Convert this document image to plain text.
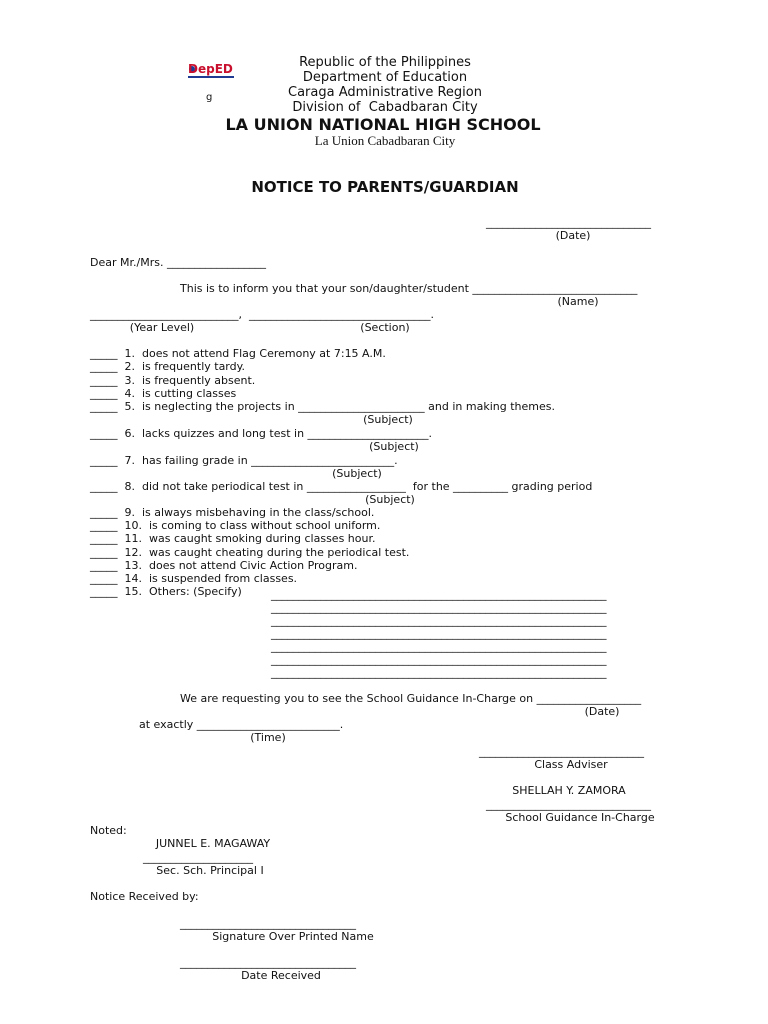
DepED
g
Republic of the Philippines
Department of Education
Caraga Administrative Region
Division of  Cabadbaran City
LA UNION NATIONAL HIGH SCHOOL
La Union Cabadbaran City
NOTICE TO PARENTS/GUARDIAN
______________________________
(Date)
Dear Mr./Mrs. __________________
This is to inform you that your son/daughter/student ______________________________
(Name)
___________________________,  _________________________________.
(Year Level)	(Section)
_____  1.  does not attend Flag Ceremony at 7:15 A.M.
_____  2.  is frequently tardy.
_____  3.  is frequently absent.
_____  4.  is cutting classes
_____  5.  is neglecting the projects in _______________________ and in making themes.
(Subject)
_____  6.  lacks quizzes and long test in ______________________.
(Subject)
_____  7.  has failing grade in __________________________.
(Subject)
_____  8.  did not take periodical test in __________________  for the __________ grading period
(Subject)
_____  9.  is always misbehaving in the class/school.
_____  10.  is coming to class without school uniform.
_____  11.  was caught smoking during classes hour.
_____  12.  was caught cheating during the periodical test.
_____  13.  does not attend Civic Action Program.
_____  14.  is suspended from classes.
_____  15.  Others: (Specify)	_____________________________________________________________
_____________________________________________________________
_____________________________________________________________
_____________________________________________________________
_____________________________________________________________
_____________________________________________________________
_____________________________________________________________
We are requesting you to see the School Guidance In-Charge on ___________________
(Date)
at exactly __________________________.
(Time)
______________________________
Class Adviser
SHELLAH Y. ZAMORA
______________________________
School Guidance In-Charge
Noted:
JUNNEL E. MAGAWAY
____________________
Sec. Sch. Principal I
Notice Received by:
________________________________
Signature Over Printed Name
________________________________
Date Received
